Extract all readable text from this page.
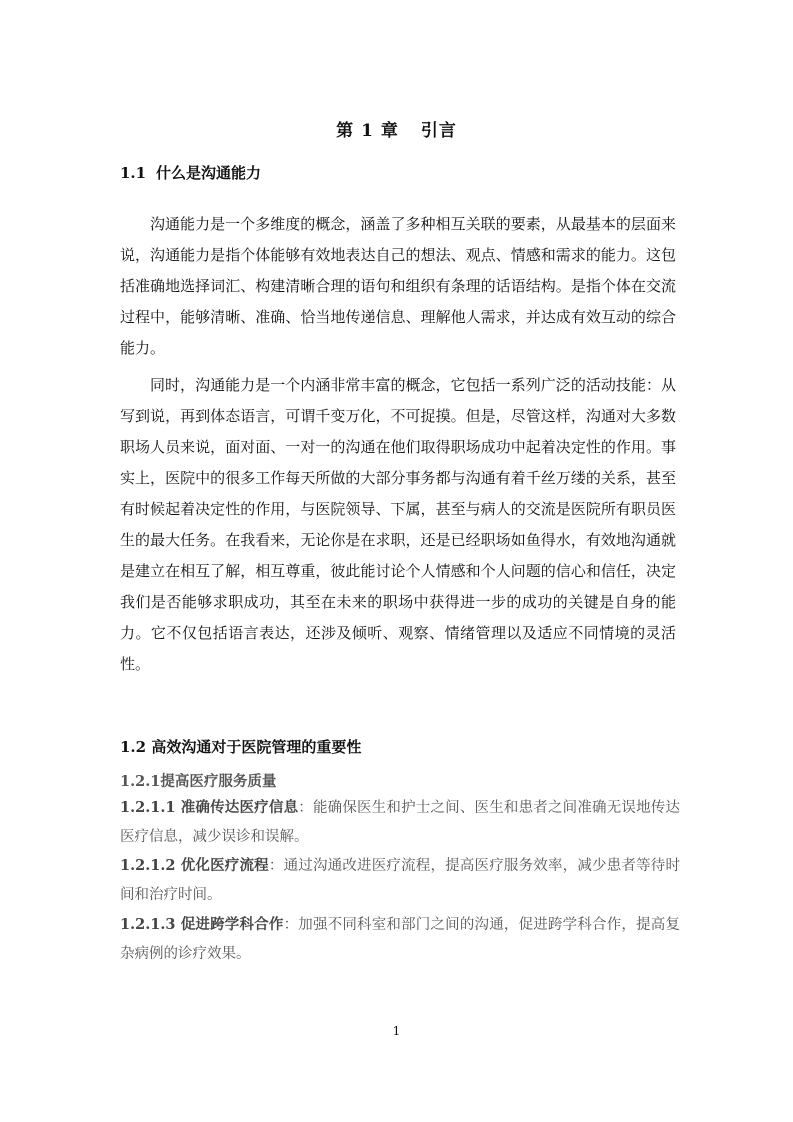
第 1 章 引言
1.1 什么是沟通能力

沟通能力是一个多维度的概念，涵盖了多种相互关联的要素，从最基本的层面来说，沟通能力是指个体能够有效地表达自己的想法、观点、情感和需求的能力。这包括准确地选择词汇、构建清晰合理的语句和组织有条理的话语结构。是指个体在交流过程中，能够清晰、准确、恰当地传递信息、理解他人需求，并达成有效互动的综合能力。

同时，沟通能力是一个内涵非常丰富的概念，它包括一系列广泛的活动技能：从写到说，再到体态语言，可谓千变万化，不可捉摸。但是，尽管这样，沟通对大多数职场人员来说，面对面、一对一的沟通在他们取得职场成功中起着决定性的作用。事实上，医院中的很多工作每天所做的大部分事务都与沟通有着千丝万缕的关系，甚至有时候起着决定性的作用，与医院领导、下属，甚至与病人的交流是医院所有职员医生的最大任务。在我看来，无论你是在求职，还是已经职场如鱼得水，有效地沟通就是建立在相互了解，相互尊重，彼此能讨论个人情感和个人问题的信心和信任，决定我们是否能够求职成功，其至在未来的职场中获得进一步的成功的关键是自身的能力。它不仅包括语言表达，还涉及倾听、观察、情绪管理以及适应不同情境的灵活性。

1.2 高效沟通对于医院管理的重要性
1.2.1提高医疗服务质量
1.2.1.1 准确传达医疗信息：能确保医生和护士之间、医生和患者之间准确无误地传达医疗信息，减少误诊和误解。
1.2.1.2 优化医疗流程：通过沟通改进医疗流程，提高医疗服务效率，减少患者等待时间和治疗时间。
1.2.1.3 促进跨学科合作：加强不同科室和部门之间的沟通，促进跨学科合作，提高复杂病例的诊疗效果。
1
